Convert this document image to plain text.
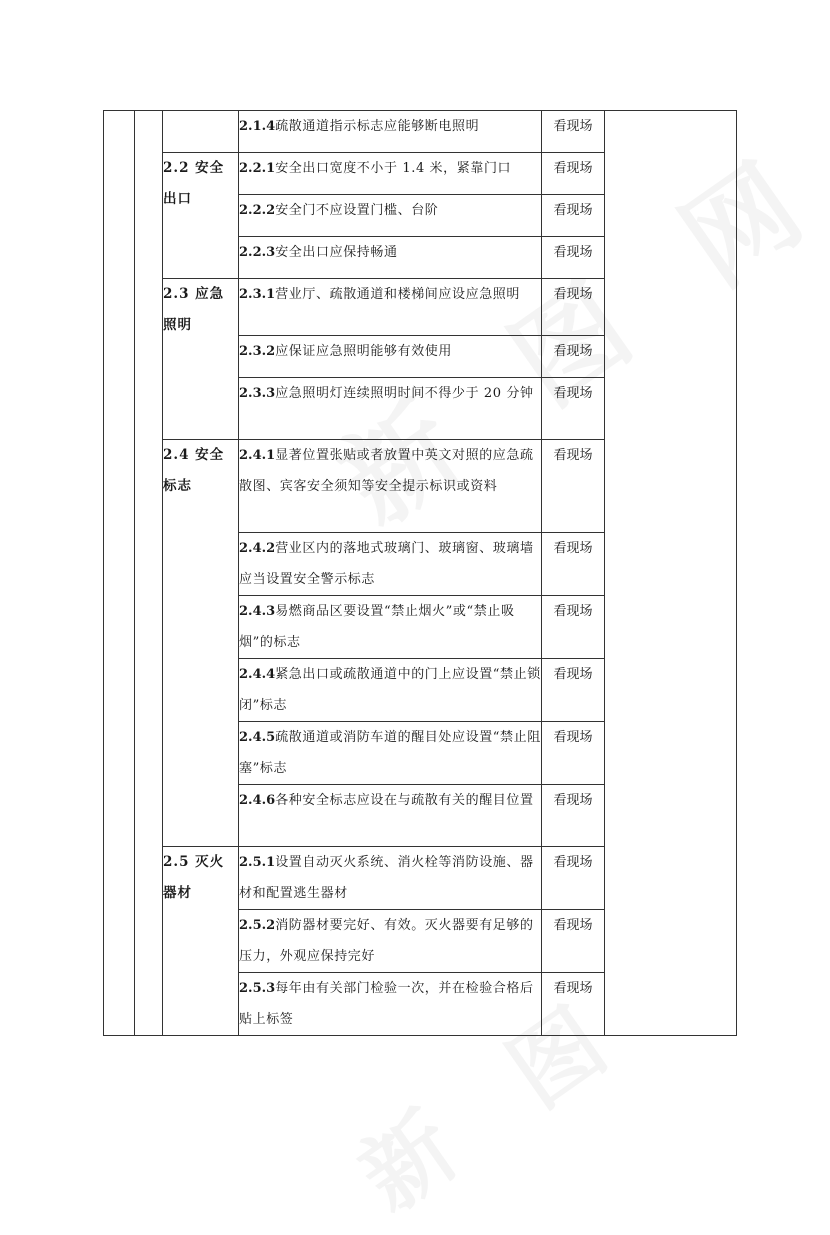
			2.1.4疏散通道指示标志应能够断电照明	看现场	
		2.2 安全出口	2.2.1安全出口宽度不小于 1.4 米，紧靠门口	看现场	
			2.2.2安全门不应设置门槛、台阶	看现场	
			2.2.3安全出口应保持畅通	看现场	
		2.3 应急照明	2.3.1营业厅、疏散通道和楼梯间应设应急照明	看现场	
			2.3.2应保证应急照明能够有效使用	看现场	
			2.3.3应急照明灯连续照明时间不得少于 20 分钟	看现场	
		2.4 安全标志	2.4.1显著位置张贴或者放置中英文对照的应急疏散图、宾客安全须知等安全提示标识或资料	看现场	
			2.4.2营业区内的落地式玻璃门、玻璃窗、玻璃墙应当设置安全警示标志	看现场	
			2.4.3易燃商品区要设置“禁止烟火”或“禁止吸烟”的标志	看现场	
			2.4.4紧急出口或疏散通道中的门上应设置“禁止锁闭”标志	看现场	
			2.4.5疏散通道或消防车道的醒目处应设置“禁止阻塞”标志	看现场	
			2.4.6各种安全标志应设在与疏散有关的醒目位置	看现场	
		2.5 灭火器材	2.5.1设置自动灭火系统、消火栓等消防设施、器材和配置逃生器材	看现场	
			2.5.2消防器材要完好、有效。灭火器要有足够的压力，外观应保持完好	看现场	
			2.5.3每年由有关部门检验一次，并在检验合格后贴上标签	看现场	
